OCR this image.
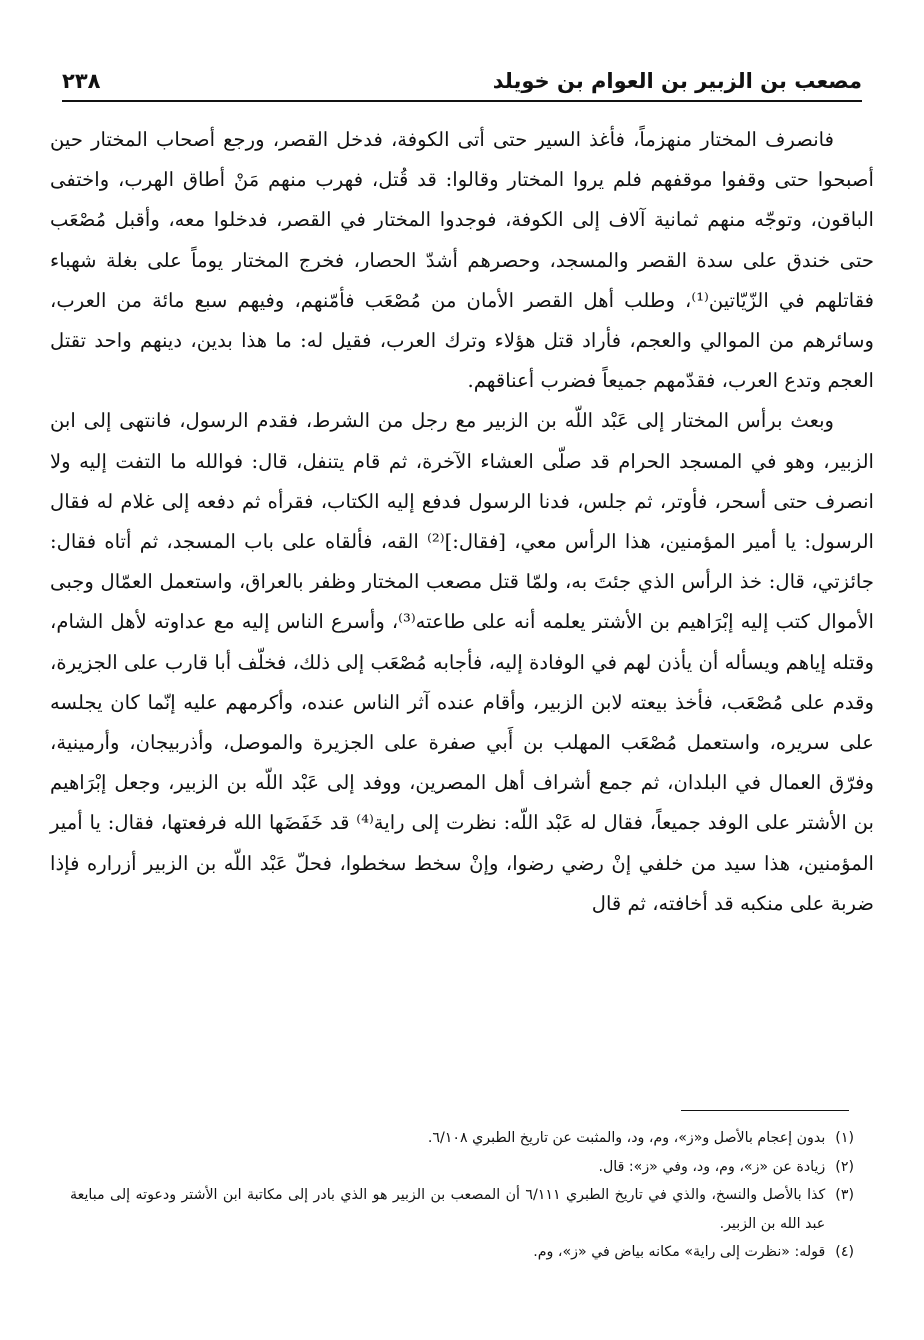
مصعب بن الزبير بن العوام بن خويلد
٢٣٨

فانصرف المختار منهزماً، فأغذ السير حتى أتى الكوفة، فدخل القصر، ورجع أصحاب المختار حين أصبحوا حتى وقفوا موقفهم فلم يروا المختار وقالوا: قد قُتل، فهرب منهم مَنْ أطاق الهرب، واختفى الباقون، وتوجّه منهم ثمانية آلاف إلى الكوفة، فوجدوا المختار في القصر، فدخلوا معه، وأقبل مُصْعَب حتى خندق على سدة القصر والمسجد، وحصرهم أشدّ الحصار، فخرج المختار يوماً على بغلة شهباء فقاتلهم في الزّيّاتين⁽¹⁾، وطلب أهل القصر الأمان من مُصْعَب فأمّنهم، وفيهم سبع مائة من العرب، وسائرهم من الموالي والعجم، فأراد قتل هؤلاء وترك العرب، فقيل له: ما هذا بدين، دينهم واحد تقتل العجم وتدع العرب، فقدّمهم جميعاً فضرب أعناقهم.

وبعث برأس المختار إلى عَبْد اللّه بن الزبير مع رجل من الشرط، فقدم الرسول، فانتهى إلى ابن الزبير، وهو في المسجد الحرام قد صلّى العشاء الآخرة، ثم قام يتنفل، قال: فوالله ما التفت إليه ولا انصرف حتى أسحر، فأوتر، ثم جلس، فدنا الرسول فدفع إليه الكتاب، فقرأه ثم دفعه إلى غلام له فقال الرسول: يا أمير المؤمنين، هذا الرأس معي، [فقال:]⁽²⁾ القه، فألقاه على باب المسجد، ثم أتاه فقال: جائزتي، قال: خذ الرأس الذي جئتَ به، ولمّا قتل مصعب المختار وظفر بالعراق، واستعمل العمّال وجبى الأموال كتب إليه إبْرَاهيم بن الأشتر يعلمه أنه على طاعته⁽³⁾، وأسرع الناس إليه مع عداوته لأهل الشام، وقتله إياهم ويسأله أن يأذن لهم في الوفادة إليه، فأجابه مُصْعَب إلى ذلك، فخلّف أبا قارب على الجزيرة، وقدم على مُصْعَب، فأخذ بيعته لابن الزبير، وأقام عنده آثر الناس عنده، وأكرمهم عليه إنّما كان يجلسه على سريره، واستعمل مُصْعَب المهلب بن أَبي صفرة على الجزيرة والموصل، وأذربيجان، وأرمينية، وفرّق العمال في البلدان، ثم جمع أشراف أهل المصرين، ووفد إلى عَبْد اللّه بن الزبير، وجعل إبْرَاهيم بن الأشتر على الوفد جميعاً، فقال له عَبْد اللّه: نظرت إلى راية⁽⁴⁾ قد خَفَضَها الله فرفعتها، فقال: يا أمير المؤمنين، هذا سيد من خلفي إنْ رضي رضوا، وإنْ سخط سخطوا، فحلّ عَبْد اللّه بن الزبير أزراره فإذا ضربة على منكبه قد أخافته، ثم قال

(١)
بدون إعجام بالأصل و«ز»، وم، ود، والمثبت عن تاريخ الطبري ٦/١٠٨.
(٢)
زيادة عن «ز»، وم، ود، وفي «ز»: قال.
(٣)
كذا بالأصل والنسخ، والذي في تاريخ الطبري ٦/١١١ أن المصعب بن الزبير هو الذي بادر إلى مكاتبة ابن الأشتر ودعوته إلى مبايعة عبد الله بن الزبير.
(٤)
قوله: «نظرت إلى راية» مكانه بياض في «ز»، وم.
